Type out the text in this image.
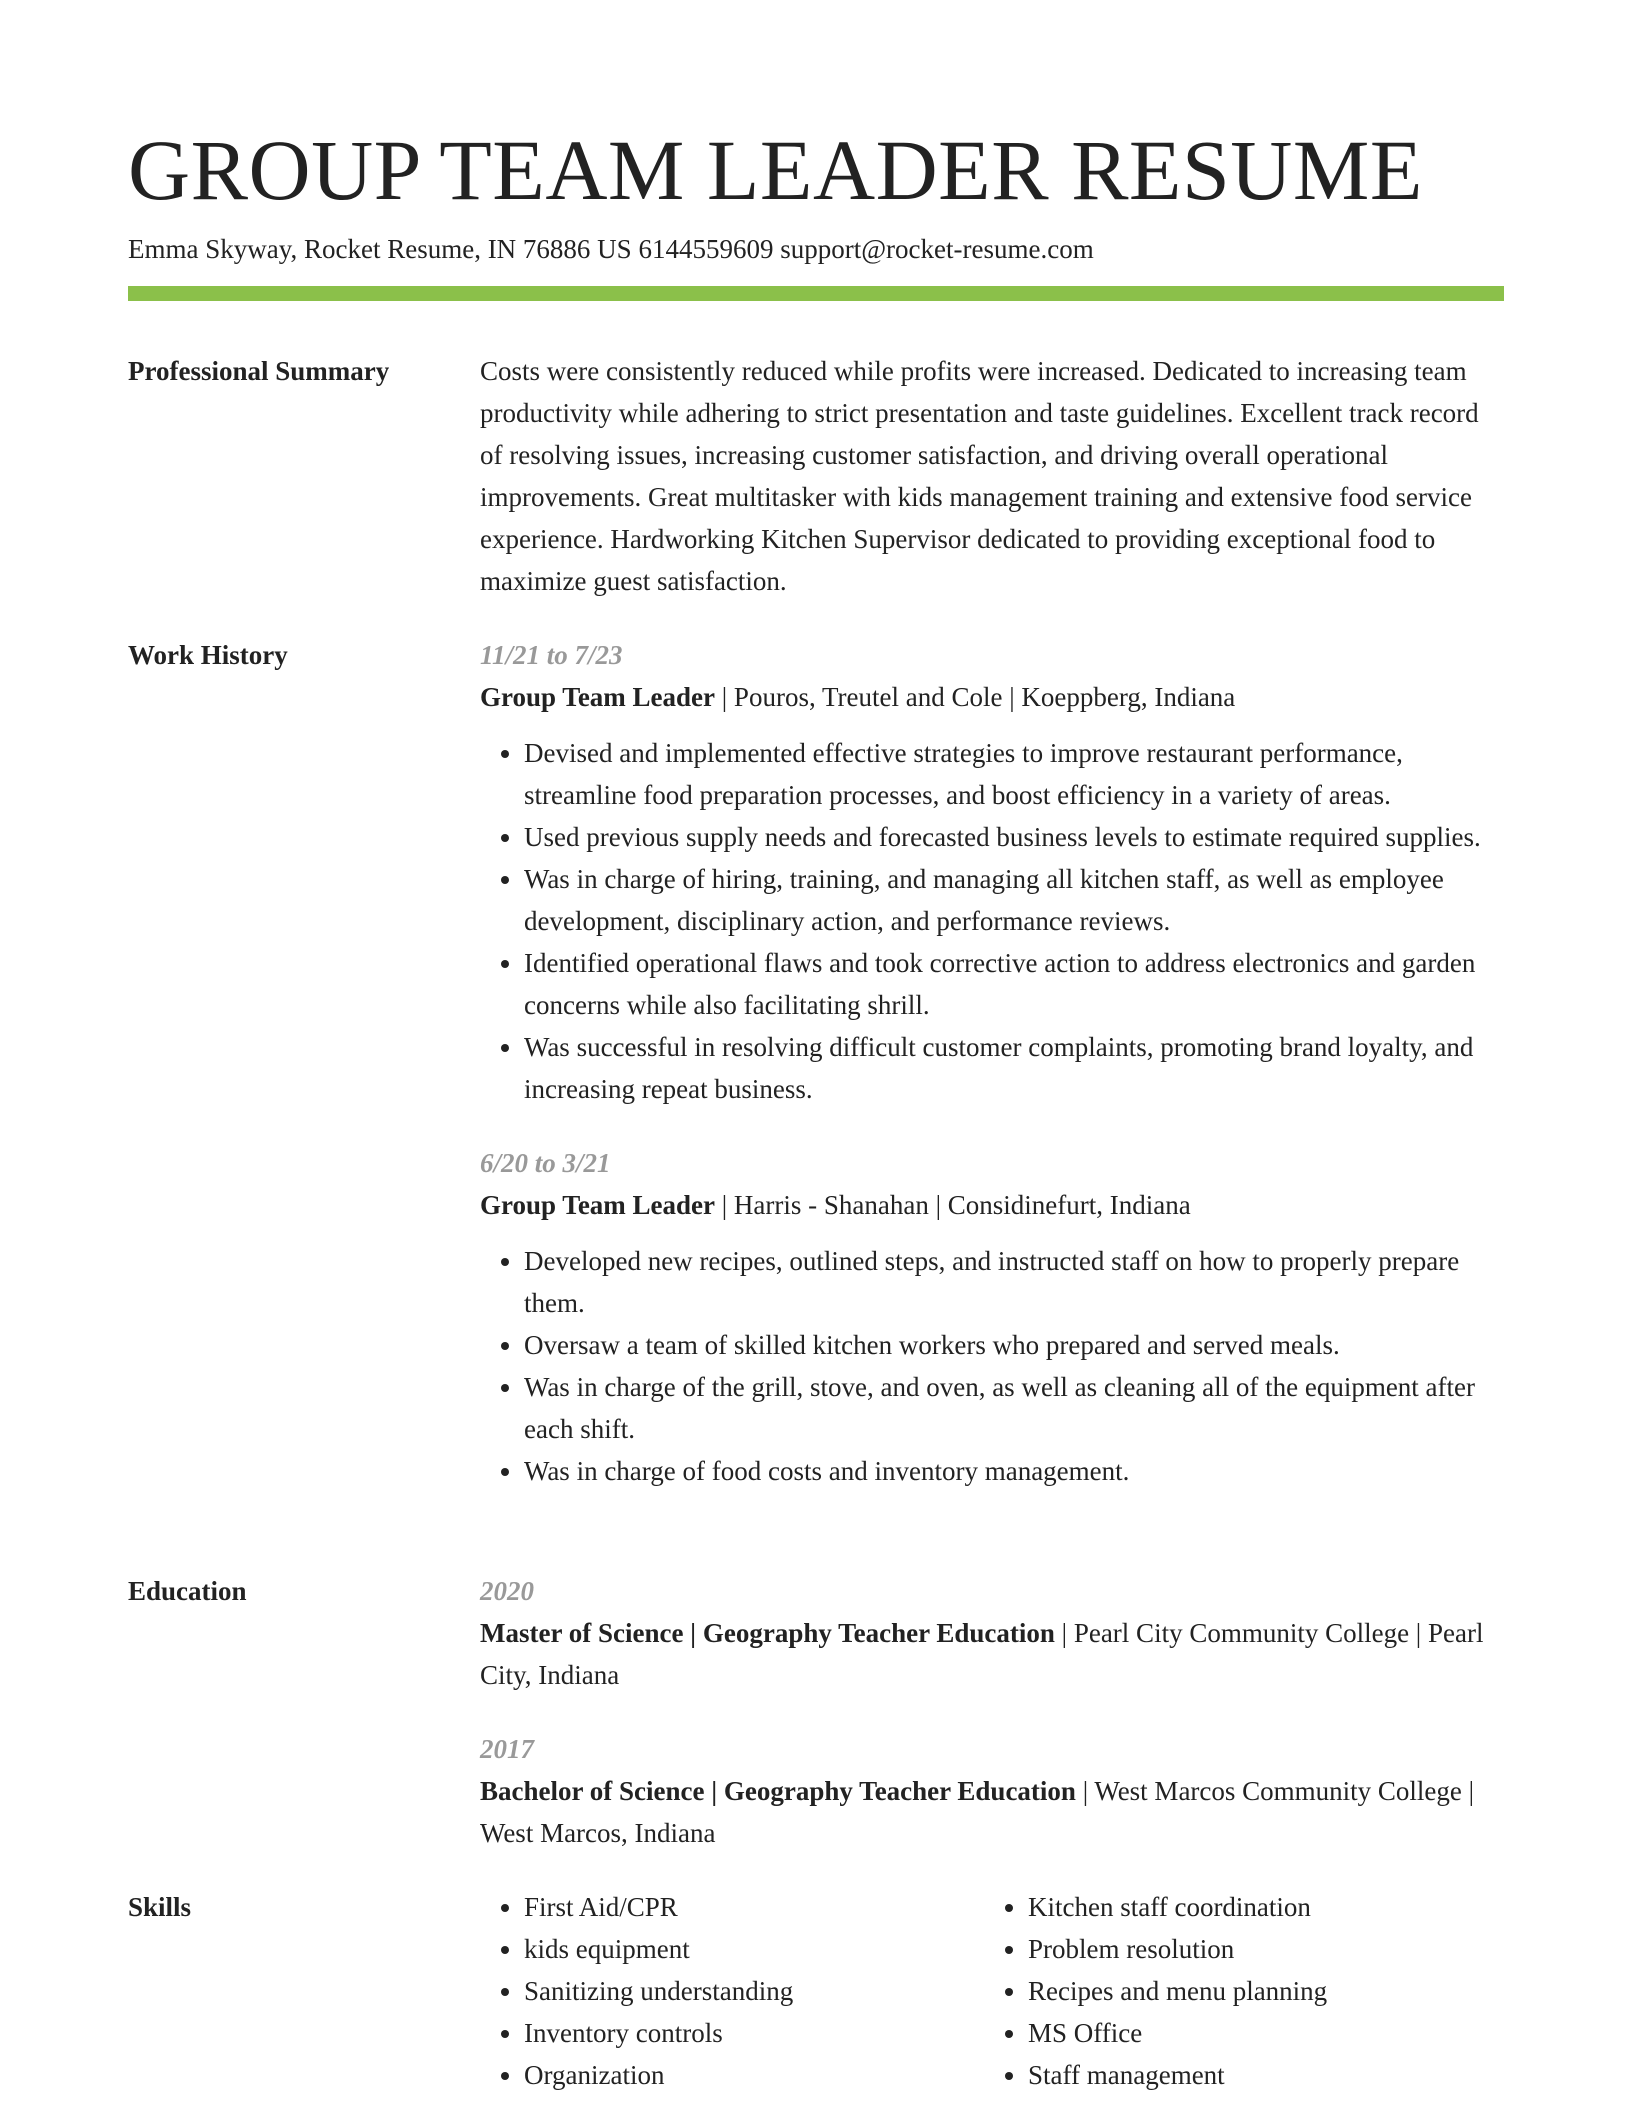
GROUP TEAM LEADER RESUME
Emma Skyway, Rocket Resume, IN 76886 US 6144559609 support@rocket-resume.com
Professional Summary	Costs were consistently reduced while profits were increased. Dedicated to increasing team productivity while adhering to strict presentation and taste guidelines. Excellent track record of resolving issues, increasing customer satisfaction, and driving overall operational improvements. Great multitasker with kids management training and extensive food service experience. Hardworking Kitchen Supervisor dedicated to providing exceptional food to maximize guest satisfaction.

Work History	11/21 to 7/23

Group Team Leader | Pouros, Treutel and Cole | Koeppberg, Indiana

• Devised and implemented effective strategies to improve restaurant performance, streamline food preparation processes, and boost efficiency in a variety of areas.
• Used previous supply needs and forecasted business levels to estimate required supplies.
• Was in charge of hiring, training, and managing all kitchen staff, as well as employee development, disciplinary action, and performance reviews.
• Identified operational flaws and took corrective action to address electronics and garden concerns while also facilitating shrill.
• Was successful in resolving difficult customer complaints, promoting brand loyalty, and increasing repeat business.
6/20 to 3/21

Group Team Leader | Harris - Shanahan | Considinefurt, Indiana

• Developed new recipes, outlined steps, and instructed staff on how to properly prepare them.
• Oversaw a team of skilled kitchen workers who prepared and served meals.
• Was in charge of the grill, stove, and oven, as well as cleaning all of the equipment after each shift.
• Was in charge of food costs and inventory management.
Education	2020

Master of Science | Geography Teacher Education | Pearl City Community College | Pearl City, Indiana

2017

Bachelor of Science | Geography Teacher Education | West Marcos Community College | West Marcos, Indiana

Skills
•	First Aid/CPR
• kids equipment
• Sanitizing understanding
• Inventory controls
• Organization
• Kitchen staff coordination
• Problem resolution
• Recipes and menu planning
• MS Office
• Staff management
